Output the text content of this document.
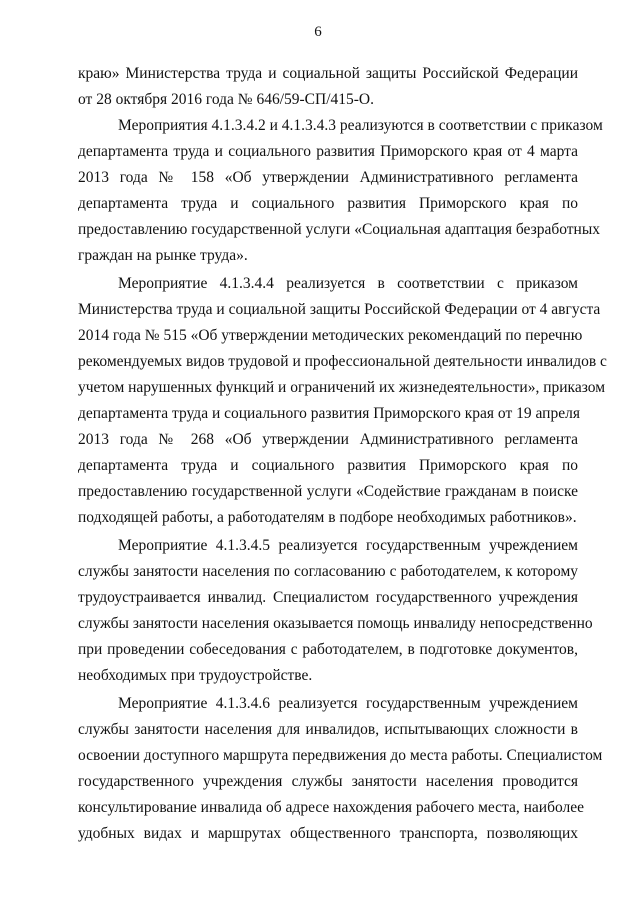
6
краю» Министерства труда и социальной защиты Российской Федерации
от 28 октября 2016 года № 646/59-СП/415-О.
Мероприятия 4.1.3.4.2 и 4.1.3.4.3 реализуются в соответствии с приказом
департамента труда и социального развития Приморского края от 4 марта
2013 года № 158 «Об утверждении Административного регламента
департамента труда и социального развития Приморского края по
предоставлению государственной услуги «Социальная адаптация безработных
граждан на рынке труда».
Мероприятие 4.1.3.4.4 реализуется в соответствии с приказом
Министерства труда и социальной защиты Российской Федерации от 4 августа
2014 года № 515 «Об утверждении методических рекомендаций по перечню
рекомендуемых видов трудовой и профессиональной деятельности инвалидов с
учетом нарушенных функций и ограничений их жизнедеятельности», приказом
департамента труда и социального развития Приморского края от 19 апреля
2013 года № 268 «Об утверждении Административного регламента
департамента труда и социального развития Приморского края по
предоставлению государственной услуги «Содействие гражданам в поиске
подходящей работы, а работодателям в подборе необходимых работников».
Мероприятие 4.1.3.4.5 реализуется государственным учреждением
службы занятости населения по согласованию с работодателем, к которому
трудоустраивается инвалид. Специалистом государственного учреждения
службы занятости населения оказывается помощь инвалиду непосредственно
при проведении собеседования с работодателем, в подготовке документов,
необходимых при трудоустройстве.
Мероприятие 4.1.3.4.6 реализуется государственным учреждением
службы занятости населения для инвалидов, испытывающих сложности в
освоении доступного маршрута передвижения до места работы. Специалистом
государственного учреждения службы занятости населения проводится
консультирование инвалида об адресе нахождения рабочего места, наиболее
удобных видах и маршрутах общественного транспорта, позволяющих
